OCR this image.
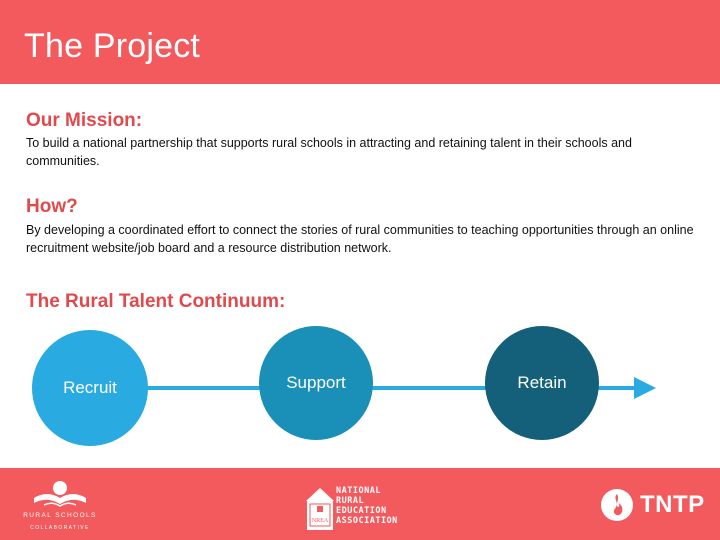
The Project
Our Mission:
To build a national partnership that supports rural schools in attracting and retaining talent in their schools and communities.
How?
By developing a coordinated effort to connect the stories of rural communities to teaching opportunities through an online recruitment website/job board and a resource distribution network.
The Rural Talent Continuum:
Recruit	Support	Retain
RURAL SCHOOLS
COLLABORATIVE
NREA
NATIONAL
RURAL
EDUCATION
ASSOCIATION
TNTP
